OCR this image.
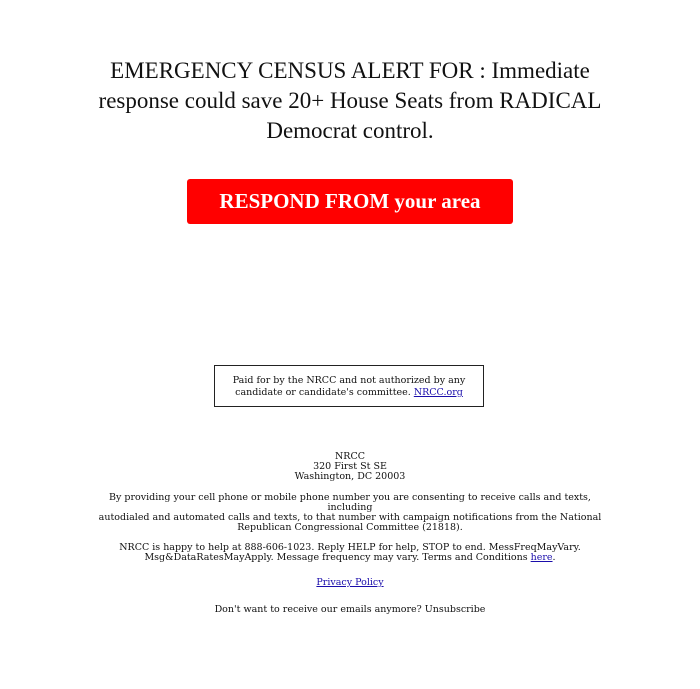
EMERGENCY CENSUS ALERT FOR : Immediate
response could save 20+ House Seats from RADICAL
Democrat control.
RESPOND FROM your area
Paid for by the NRCC and not authorized by any
candidate or candidate's committee. NRCC.org
NRCC
320 First St SE
Washington, DC 20003
By providing your cell phone or mobile phone number you are consenting to receive calls and texts, including
autodialed and automated calls and texts, to that number with campaign notifications from the National
Republican Congressional Committee (21818).
NRCC is happy to help at 888-606-1023. Reply HELP for help, STOP to end. MessFreqMayVary.
Msg&DataRatesMayApply. Message frequency may vary. Terms and Conditions here.
Privacy Policy
Don't want to receive our emails anymore? Unsubscribe
